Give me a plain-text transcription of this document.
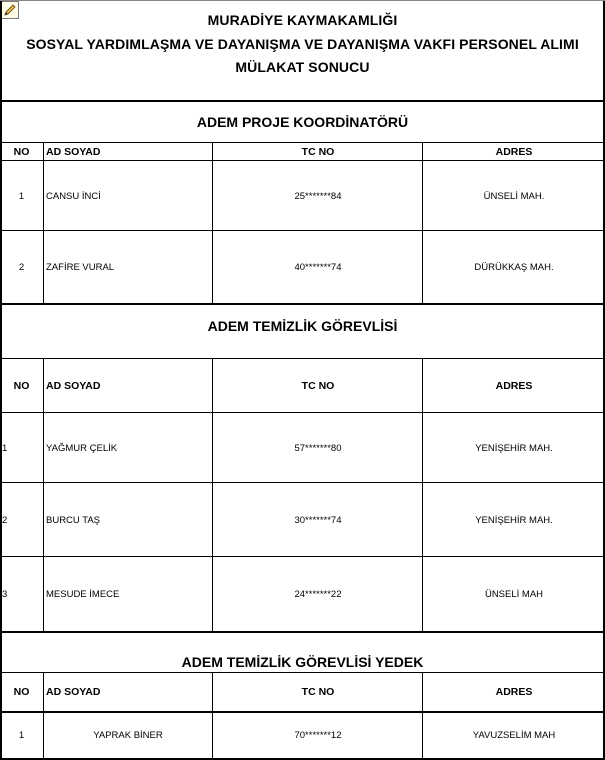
MURADİYE KAYMAKAMLIĞI
SOSYAL YARDIMLAŞMA VE DAYANIŞMA VE DAYANIŞMA VAKFI PERSONEL ALIMI
MÜLAKAT SONUCU
ADEM PROJE KOORDİNATÖRÜ
NO	AD SOYAD	TC NO	ADRES
1	CANSU İNCİ	25*******84	ÜNSELİ MAH.
2	ZAFİRE VURAL	40*******74	DÜRÜKKAŞ MAH.
ADEM TEMİZLİK GÖREVLİSİ
NO	AD SOYAD	TC NO	ADRES
1	YAĞMUR ÇELİK	57*******80	YENİŞEHİR MAH.
2	BURCU TAŞ	30*******74	YENİŞEHİR MAH.
3	MESUDE İMECE	24*******22	ÜNSELİ MAH
ADEM TEMİZLİK GÖREVLİSİ YEDEK
NO	AD SOYAD	TC NO	ADRES
1	YAPRAK BİNER	70*******12	YAVUZSELİM MAH
